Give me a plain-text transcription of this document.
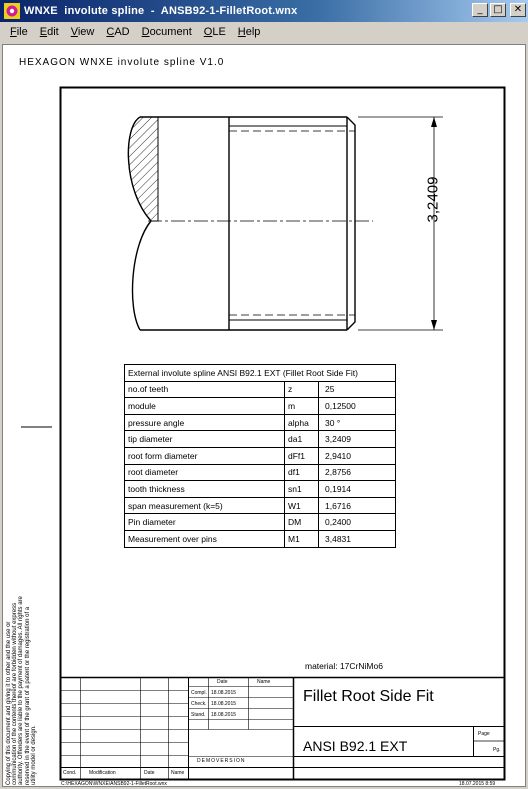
WNXE  involute spline  -  ANSB92-1-FilletRoot.wnx	_	□	✕
File	Edit	View	CAD	Document	OLE	Help
HEXAGON WNXE involute spline V1.0
3,2409
External involute spline ANSI B92.1 EXT (Fillet Root Side Fit)		
no.of teeth	z	25
module	m	0,12500
pressure angle	alpha	30 °
tip diameter	da1	3,2409
root form diameter	dFf1	2,9410
root diameter	df1	2,8756
tooth thickness	sn1	0,1914
span measurement (k=5)	W1	1,6716
Pin diameter	DM	0,2400
Measurement over pins	M1	3,4831
material: 17CrNiMo6
Copying of this document and giving it to other and the use or communication of the contents thereof are forbidden without express authority. Offenders are liable to the payment of damages. All rights are reserved in the event of the grant of a patent or the registration of a utility model or design.
Date	Name
Compl. 18.08.2015
Check. 18.08.2015
Stand. 18.08.2015
Fillet Root Side Fit
ANSI B92.1 EXT
Page
Pg.
DEMOVERSION
Cond.	Modification	Date	Name
C:\HEXAGON\WNXE\ANSB92-1-FilletRoot.wnx	18.07.2015 8:59
